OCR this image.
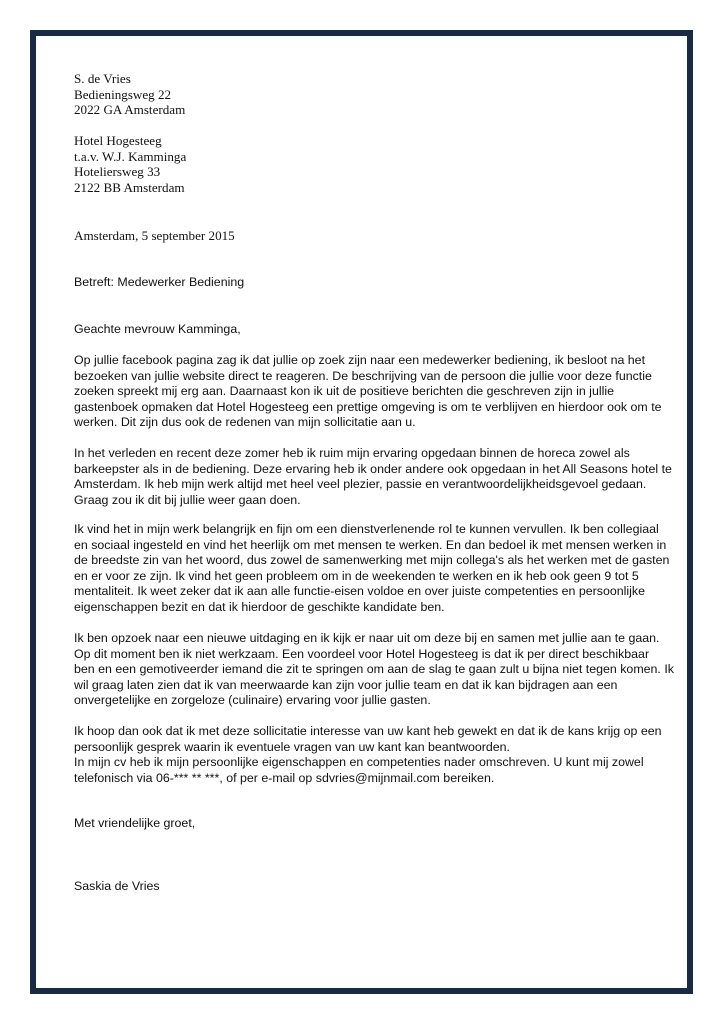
S. de Vries
Bedieningsweg 22
2022 GA Amsterdam
Hotel Hogesteeg
t.a.v. W.J. Kamminga
Hoteliersweg 33
2122 BB Amsterdam
Amsterdam, 5 september 2015
Betreft: Medewerker Bediening
Geachte mevrouw Kamminga,
Op jullie facebook pagina zag ik dat jullie op zoek zijn naar een medewerker bediening, ik besloot na het
bezoeken van jullie website direct te reageren. De beschrijving van de persoon die jullie voor deze functie
zoeken spreekt mij erg aan. Daarnaast kon ik uit de positieve berichten die geschreven zijn in jullie
gastenboek opmaken dat Hotel Hogesteeg een prettige omgeving is om te verblijven en hierdoor ook om te
werken. Dit zijn dus ook de redenen van mijn sollicitatie aan u.
In het verleden en recent deze zomer heb ik ruim mijn ervaring opgedaan binnen de horeca zowel als
barkeepster als in de bediening. Deze ervaring heb ik onder andere ook opgedaan in het All Seasons hotel te
Amsterdam. Ik heb mijn werk altijd met heel veel plezier, passie en verantwoordelijkheidsgevoel gedaan.
Graag zou ik dit bij jullie weer gaan doen.
Ik vind het in mijn werk belangrijk en fijn om een dienstverlenende rol te kunnen vervullen. Ik ben collegiaal
en sociaal ingesteld en vind het heerlijk om met mensen te werken. En dan bedoel ik met mensen werken in
de breedste zin van het woord, dus zowel de samenwerking met mijn collega's als het werken met de gasten
en er voor ze zijn. Ik vind het geen probleem om in de weekenden te werken en ik heb ook geen 9 tot 5
mentaliteit. Ik weet zeker dat ik aan alle functie-eisen voldoe en over juiste competenties en persoonlijke
eigenschappen bezit en dat ik hierdoor de geschikte kandidate ben.
Ik ben opzoek naar een nieuwe uitdaging en ik kijk er naar uit om deze bij en samen met jullie aan te gaan.
Op dit moment ben ik niet werkzaam. Een voordeel voor Hotel Hogesteeg is dat ik per direct beschikbaar
ben en een gemotiveerder iemand die zit te springen om aan de slag te gaan zult u bijna niet tegen komen. Ik
wil graag laten zien dat ik van meerwaarde kan zijn voor jullie team en dat ik kan bijdragen aan een
onvergetelijke en zorgeloze (culinaire) ervaring voor jullie gasten.
Ik hoop dan ook dat ik met deze sollicitatie interesse van uw kant heb gewekt en dat ik de kans krijg op een
persoonlijk gesprek waarin ik eventuele vragen van uw kant kan beantwoorden.
In mijn cv heb ik mijn persoonlijke eigenschappen en competenties nader omschreven. U kunt mij zowel
telefonisch via 06-*** ** ***, of per e-mail op sdvries@mijnmail.com bereiken.
Met vriendelijke groet,
Saskia de Vries
